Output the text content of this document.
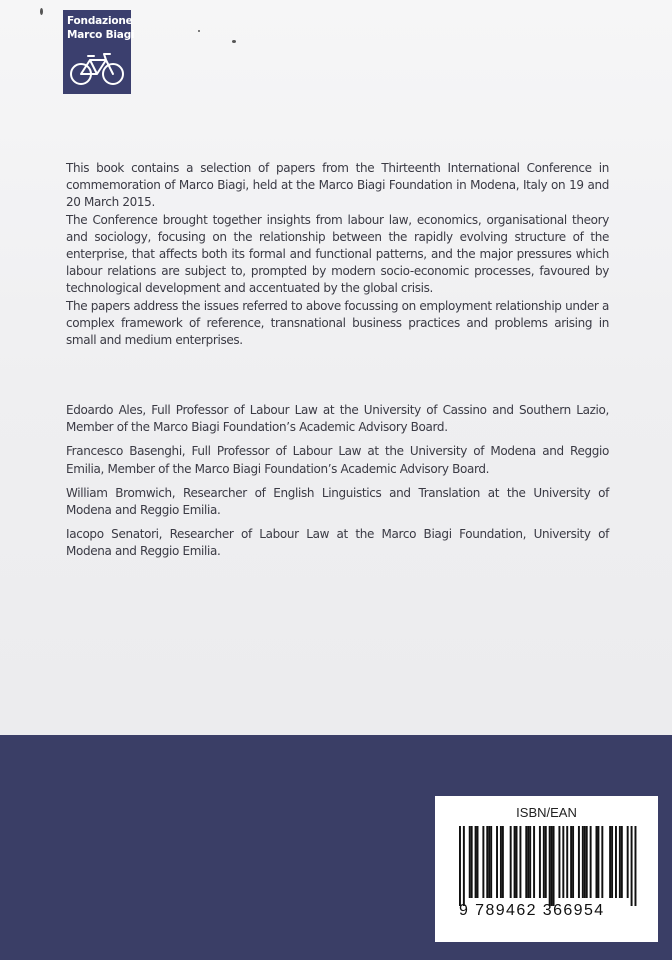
Fondazione
Marco Biagi

This book contains a selection of papers from the Thirteenth International Conference in commemoration of Marco Biagi, held at the Marco Biagi Foundation in Modena, Italy on 19 and 20 March 2015.

The Conference brought together insights from labour law, economics, organisational theory and sociology, focusing on the relationship between the rapidly evolving structure of the enterprise, that affects both its formal and functional patterns, and the major pressures which labour relations are subject to, prompted by modern socio-economic processes, favoured by technological development and accentuated by the global crisis.

The papers address the issues referred to above focussing on employment relationship under a complex framework of reference, transnational business practices and problems arising in small and medium enterprises.

Edoardo Ales, Full Professor of Labour Law at the University of Cassino and Southern Lazio, Member of the Marco Biagi Foundation’s Academic Advisory Board.

Francesco Basenghi, Full Professor of Labour Law at the University of Modena and Reggio Emilia, Member of the Marco Biagi Foundation’s Academic Advisory Board.

William Bromwich, Researcher of English Linguistics and Translation at the University of Modena and Reggio Emilia.

Iacopo Senatori, Researcher of Labour Law at the Marco Biagi Foundation, University of Modena and Reggio Emilia.

ISBN/EAN
9 789462 366954
